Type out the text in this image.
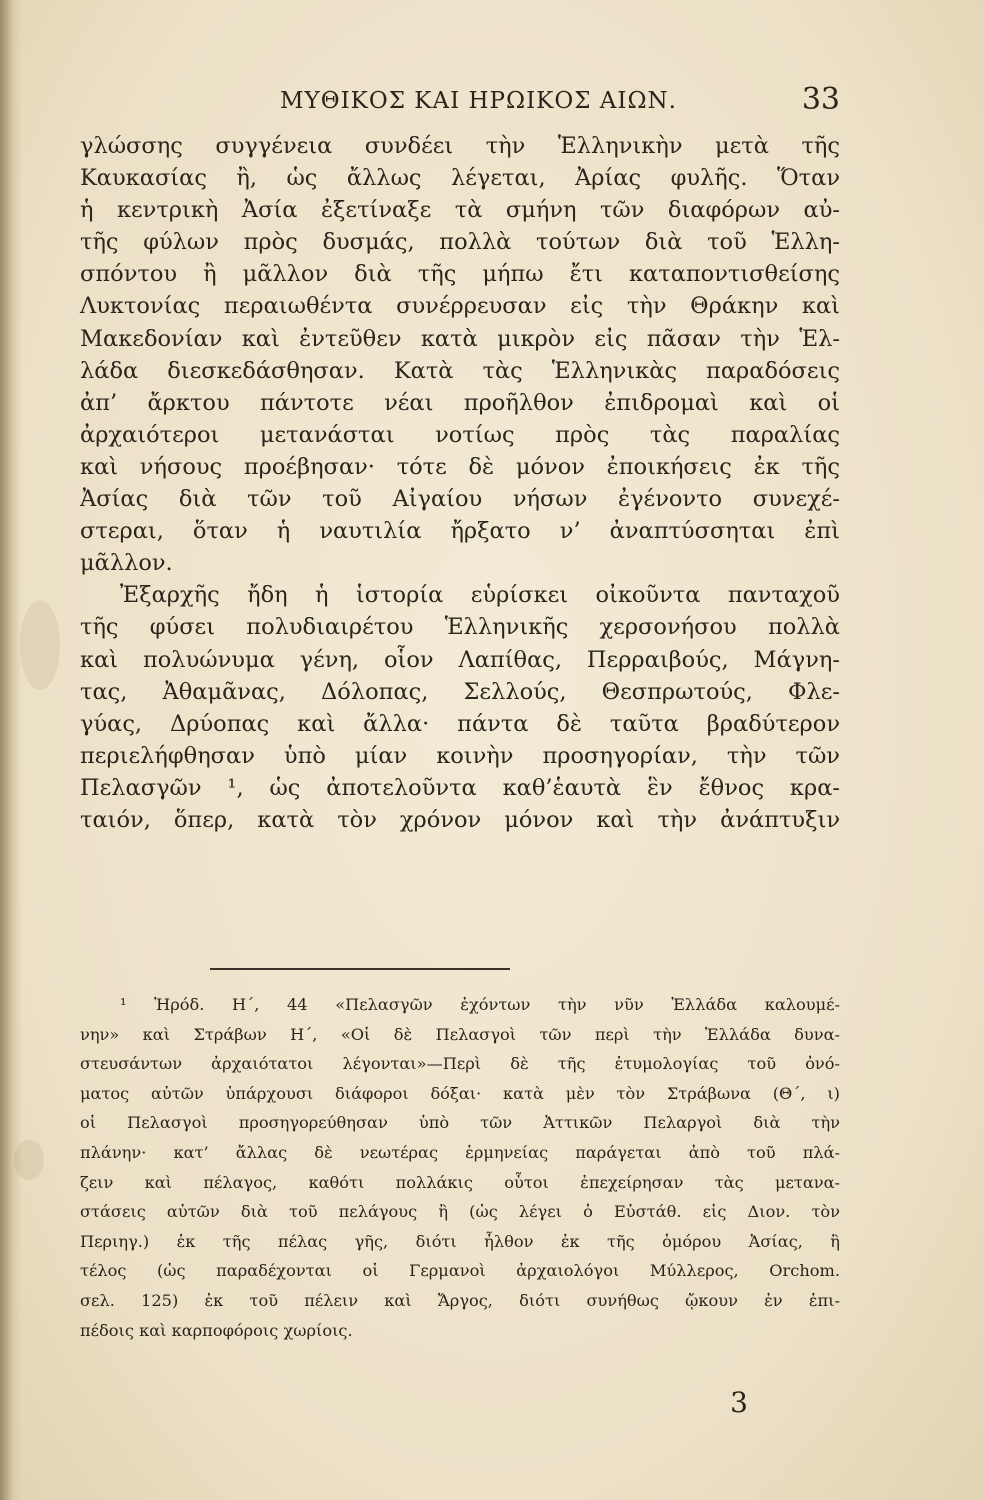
ΜΥΘΙΚΟΣ ΚΑΙ ΗΡΩΙΚΟΣ ΑΙΩΝ.	33
γλώσσης συγγένεια συνδέει τὴν Ἑλληνικὴν μετὰ τῆς
Καυκασίας ἢ, ὡς ἄλλως λέγεται, Ἀρίας φυλῆς. Ὅταν
ἡ κεντρικὴ Ἀσία ἐξετίναξε τὰ σμήνη τῶν διαφόρων αὐ-
τῆς φύλων πρὸς δυσμάς, πολλὰ τούτων διὰ τοῦ Ἑλλη-
σπόντου ἢ μᾶλλον διὰ τῆς μήπω ἔτι καταποντισθείσης
Λυκτονίας περαιωθέντα συνέρρευσαν εἰς τὴν Θράκην καὶ
Μακεδονίαν καὶ ἐντεῦθεν κατὰ μικρὸν εἰς πᾶσαν τὴν Ἑλ-
λάδα διεσκεδάσθησαν. Κατὰ τὰς Ἑλληνικὰς παραδόσεις
ἀπ’ ἄρκτου πάντοτε νέαι προῆλθον ἐπιδρομαὶ καὶ οἱ
ἀρχαιότεροι μετανάσται νοτίως πρὸς τὰς παραλίας
καὶ νήσους προέβησαν· τότε δὲ μόνον ἐποικήσεις ἐκ τῆς
Ἀσίας διὰ τῶν τοῦ Αἰγαίου νήσων ἐγένοντο συνεχέ-
στεραι, ὅταν ἡ ναυτιλία ἤρξατο ν’ ἀναπτύσσηται ἐπὶ
μᾶλλον.
Ἐξαρχῆς ἤδη ἡ ἱστορία εὑρίσκει οἰκοῦντα πανταχοῦ
τῆς φύσει πολυδιαιρέτου Ἑλληνικῆς χερσονήσου πολλὰ
καὶ πολυώνυμα γένη, οἷον Λαπίθας, Περραιβούς, Μάγνη-
τας, Ἀθαμᾶνας, Δόλοπας, Σελλούς, Θεσπρωτούς, Φλε-
γύας, Δρύοπας καὶ ἄλλα· πάντα δὲ ταῦτα βραδύτερον
περιελήφθησαν ὑπὸ μίαν κοινὴν προσηγορίαν, τὴν τῶν
Πελασγῶν ¹, ὡς ἀποτελοῦντα καθ’ἑαυτὰ ἓν ἔθνος κρα-
ταιόν, ὅπερ, κατὰ τὸν χρόνον μόνον καὶ τὴν ἀνάπτυξιν
¹ Ἡρόδ. Η΄, 44 «Πελασγῶν ἐχόντων τὴν νῦν Ἑλλάδα καλουμέ-
νην» καὶ Στράβων Η΄, «Οἱ δὲ Πελασγοὶ τῶν περὶ τὴν Ἑλλάδα δυνα-
στευσάντων ἀρχαιότατοι λέγονται»—Περὶ δὲ τῆς ἐτυμολογίας τοῦ ὀνό-
ματος αὐτῶν ὑπάρχουσι διάφοροι δόξαι· κατὰ μὲν τὸν Στράβωνα (Θ΄, ι)
οἱ Πελασγοὶ προσηγορεύθησαν ὑπὸ τῶν Ἀττικῶν Πελαργοὶ διὰ τὴν
πλάνην· κατ’ ἄλλας δὲ νεωτέρας ἑρμηνείας παράγεται ἀπὸ τοῦ πλά-
ζειν καὶ πέλαγος, καθότι πολλάκις οὗτοι ἐπεχείρησαν τὰς μετανα-
στάσεις αὐτῶν διὰ τοῦ πελάγους ἢ (ὡς λέγει ὁ Εὐστάθ. εἰς Διον. τὸν
Περιηγ.) ἐκ τῆς πέλας γῆς, διότι ἦλθον ἐκ τῆς ὁμόρου Ἀσίας, ἢ
τέλος (ὡς παραδέχονται οἱ Γερμανοὶ ἀρχαιολόγοι Μύλλερος, Orchom.
σελ. 125) ἐκ τοῦ πέλειν καὶ Ἄργος, διότι συνήθως ᾤκουν ἐν ἐπι-
πέδοις καὶ καρποφόροις χωρίοις.
3
